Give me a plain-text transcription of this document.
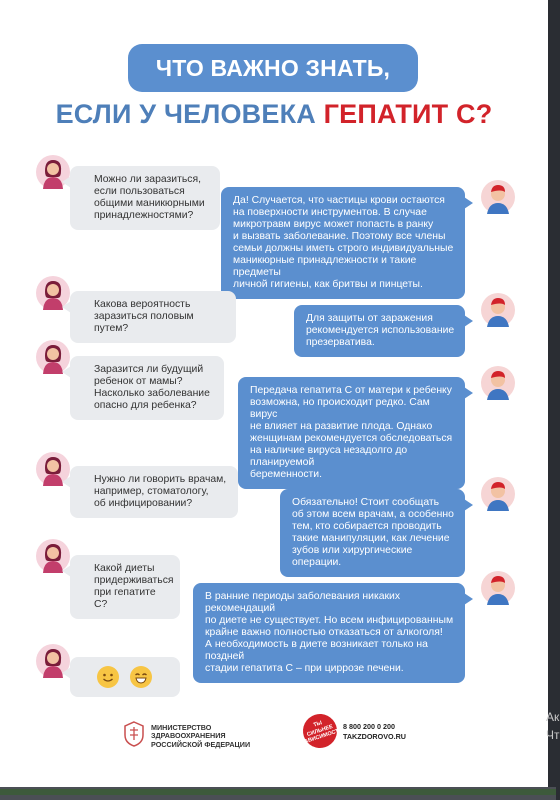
ЧТО ВАЖНО ЗНАТЬ,
ЕСЛИ У ЧЕЛОВЕКА ГЕПАТИТ С?
Можно ли заразиться,
если пользоваться
общими маникюрными
принадлежностями?
Да! Случается, что частицы крови остаются
на поверхности инструментов. В случае
микротравм вирус может попасть в ранку
и вызвать заболевание. Поэтому все члены
семьи должны иметь строго индивидуальные
маникюрные принадлежности и такие предметы
личной гигиены, как бритвы и пинцеты.
Какова вероятность
заразиться половым путем?
Для защиты от заражения
рекомендуется использование
презерватива.
Заразится ли будущий
ребенок от мамы?
Насколько заболевание
опасно для ребенка?
Передача гепатита С от матери к ребенку
возможна, но происходит редко. Сам вирус
не влияет на развитие плода. Однако
женщинам рекомендуется обследоваться
на наличие вируса незадолго до планируемой
беременности.
Нужно ли говорить врачам,
например, стоматологу,
об инфицировании?	Обязательно! Стоит сообщать
об этом всем врачам, а особенно
тем, кто собирается проводить
такие манипуляции, как лечение
зубов или хирургические операции.
Какой диеты
придерживаться
при гепатите С?
В ранние периоды заболевания никаких рекомендаций
по диете не существует. Но всем инфицированным
крайне важно полностью отказаться от алкоголя!
А необходимость в диете возникает только на поздней
стадии гепатита С – при циррозе печени.
МИНИСТЕРСТВО
ЗДРАВООХРАНЕНИЯ
РОССИЙСКОЙ ФЕДЕРАЦИИ
ТЫ
СИЛЬНЕЕ
ЗАВИСИМОСТИ
8 800 200 0 200
TAKZDOROVO.RU
Ак
Чт
